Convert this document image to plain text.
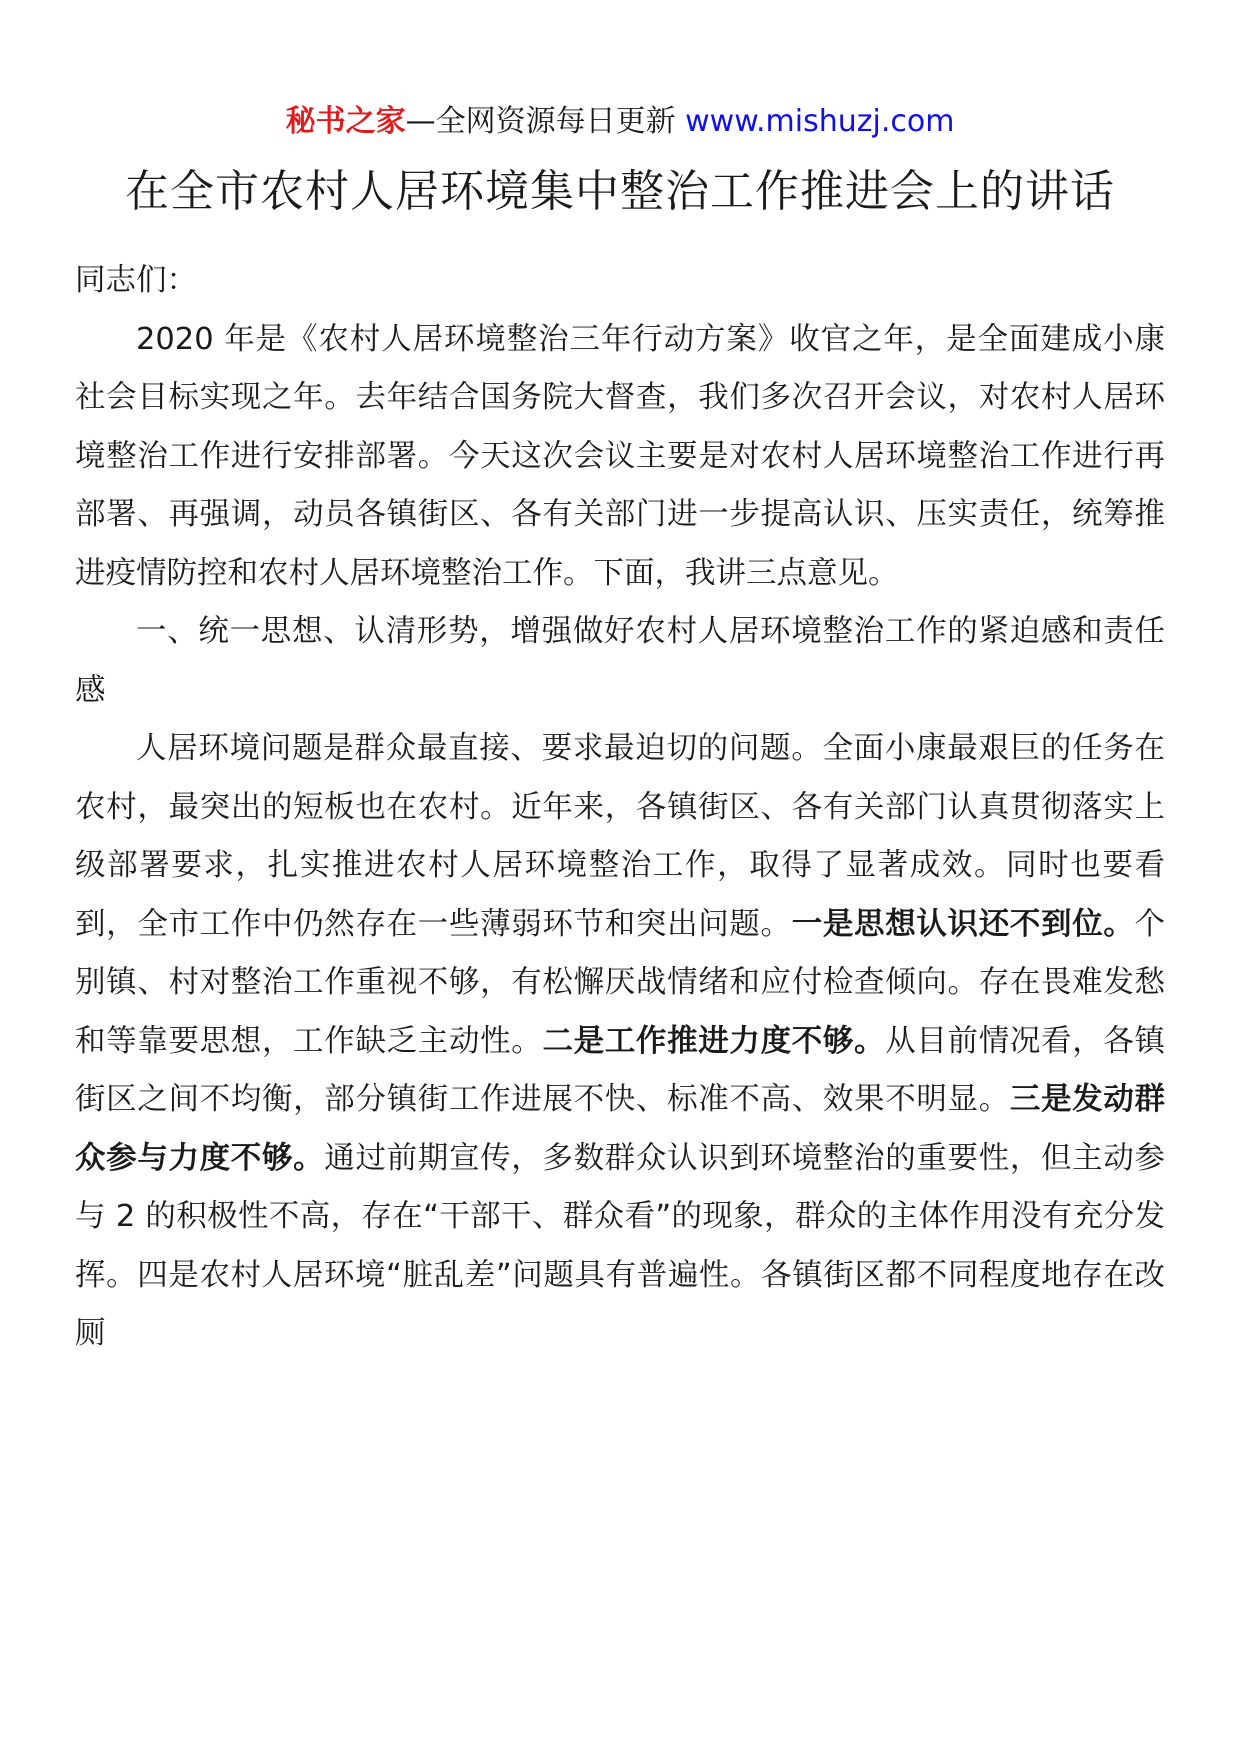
秘书之家—全网资源每日更新 www.mishuzj.com
在全市农村人居环境集中整治工作推进会上的讲话

同志们：

2020 年是《农村人居环境整治三年行动方案》收官之年，是全面建成小康社会目标实现之年。去年结合国务院大督查，我们多次召开会议，对农村人居环境整治工作进行安排部署。今天这次会议主要是对农村人居环境整治工作进行再部署、再强调，动员各镇街区、各有关部门进一步提高认识、压实责任，统筹推进疫情防控和农村人居环境整治工作。下面，我讲三点意见。

一、统一思想、认清形势，增强做好农村人居环境整治工作的紧迫感和责任感

人居环境问题是群众最直接、要求最迫切的问题。全面小康最艰巨的任务在农村，最突出的短板也在农村。近年来，各镇街区、各有关部门认真贯彻落实上级部署要求，扎实推进农村人居环境整治工作，取得了显著成效。同时也要看到，全市工作中仍然存在一些薄弱环节和突出问题。一是思想认识还不到位。个别镇、村对整治工作重视不够，有松懈厌战情绪和应付检查倾向。存在畏难发愁和等靠要思想，工作缺乏主动性。二是工作推进力度不够。从目前情况看，各镇街区之间不均衡，部分镇街工作进展不快、标准不高、效果不明显。三是发动群众参与力度不够。通过前期宣传，多数群众认识到环境整治的重要性，但主动参与 2 的积极性不高，存在“干部干、群众看”的现象，群众的主体作用没有充分发挥。四是农村人居环境“脏乱差”问题具有普遍性。各镇街区都不同程度地存在改厕
